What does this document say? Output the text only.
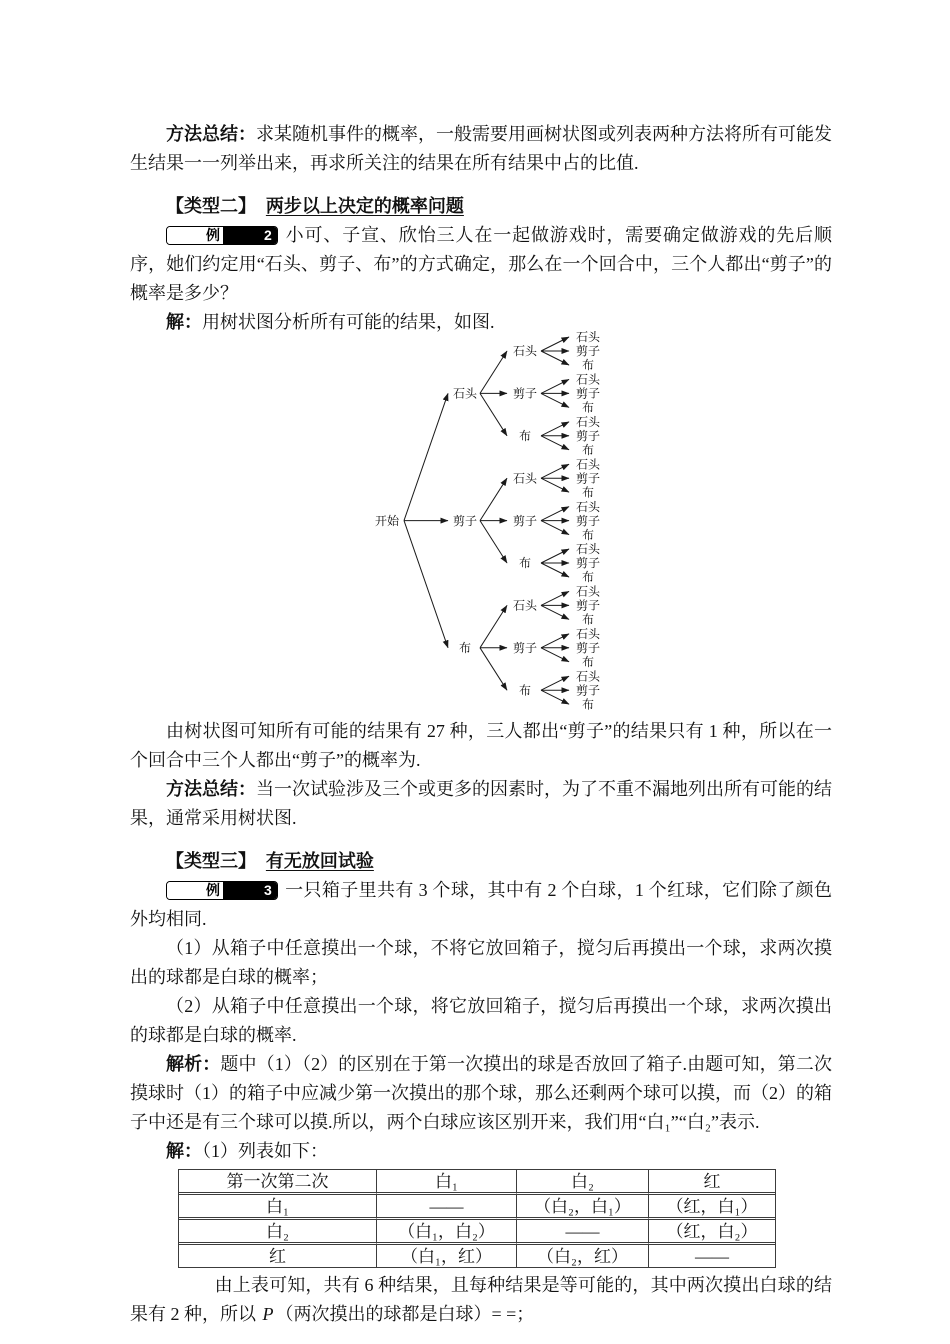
方法总结：求某随机事件的概率，一般需要用画树状图或列表两种方法将所有可能发生结果一一列举出来，再求所关注的结果在所有结果中占的比值.

【类型二】 两步以上决定的概率问题

例	2 小可、子宣、欣怡三人在一起做游戏时，需要确定做游戏的先后顺序，她们约定用“石头、剪子、布”的方式确定，那么在一个回合中，三个人都出“剪子”的概率是多少？

解：用树状图分析所有可能的结果，如图.

开始
石头
石头
石头
剪子
布
剪子
石头
剪子
布
布
石头
剪子
布
剪子
石头
石头
剪子
布
剪子
石头
剪子
布
布
石头
剪子
布
布
石头
石头
剪子
布
剪子
石头
剪子
布
布
石头
剪子
布

由树状图可知所有可能的结果有 27 种，三人都出“剪子”的结果只有 1 种，所以在一个回合中三个人都出“剪子”的概率为.

方法总结：当一次试验涉及三个或更多的因素时，为了不重不漏地列出所有可能的结果，通常采用树状图.

【类型三】 有无放回试验

例	3 一只箱子里共有 3 个球，其中有 2 个白球，1 个红球，它们除了颜色外均相同.

（1）从箱子中任意摸出一个球，不将它放回箱子，搅匀后再摸出一个球，求两次摸出的球都是白球的概率；

（2）从箱子中任意摸出一个球，将它放回箱子，搅匀后再摸出一个球，求两次摸出的球都是白球的概率.

解析：题中（1）（2）的区别在于第一次摸出的球是否放回了箱子.由题可知，第二次摸球时（1）的箱子中应减少第一次摸出的那个球，那么还剩两个球可以摸，而（2）的箱子中还是有三个球可以摸.所以，两个白球应该区别开来，我们用“白₁”“白₂”表示.

解：（1）列表如下：

第一次第二次	白₁	白₂	红
白₁	——	（白₂，白₁）	（红，白₁）
白₂	（白₁，白₂）	——	（红，白₂）
红	（白₁，红）	（白₂，红）	——

由上表可知，共有 6 种结果，且每种结果是等可能的，其中两次摸出白球的结果有 2 种，所以 P （两次摸出的球都是白球）= =；
